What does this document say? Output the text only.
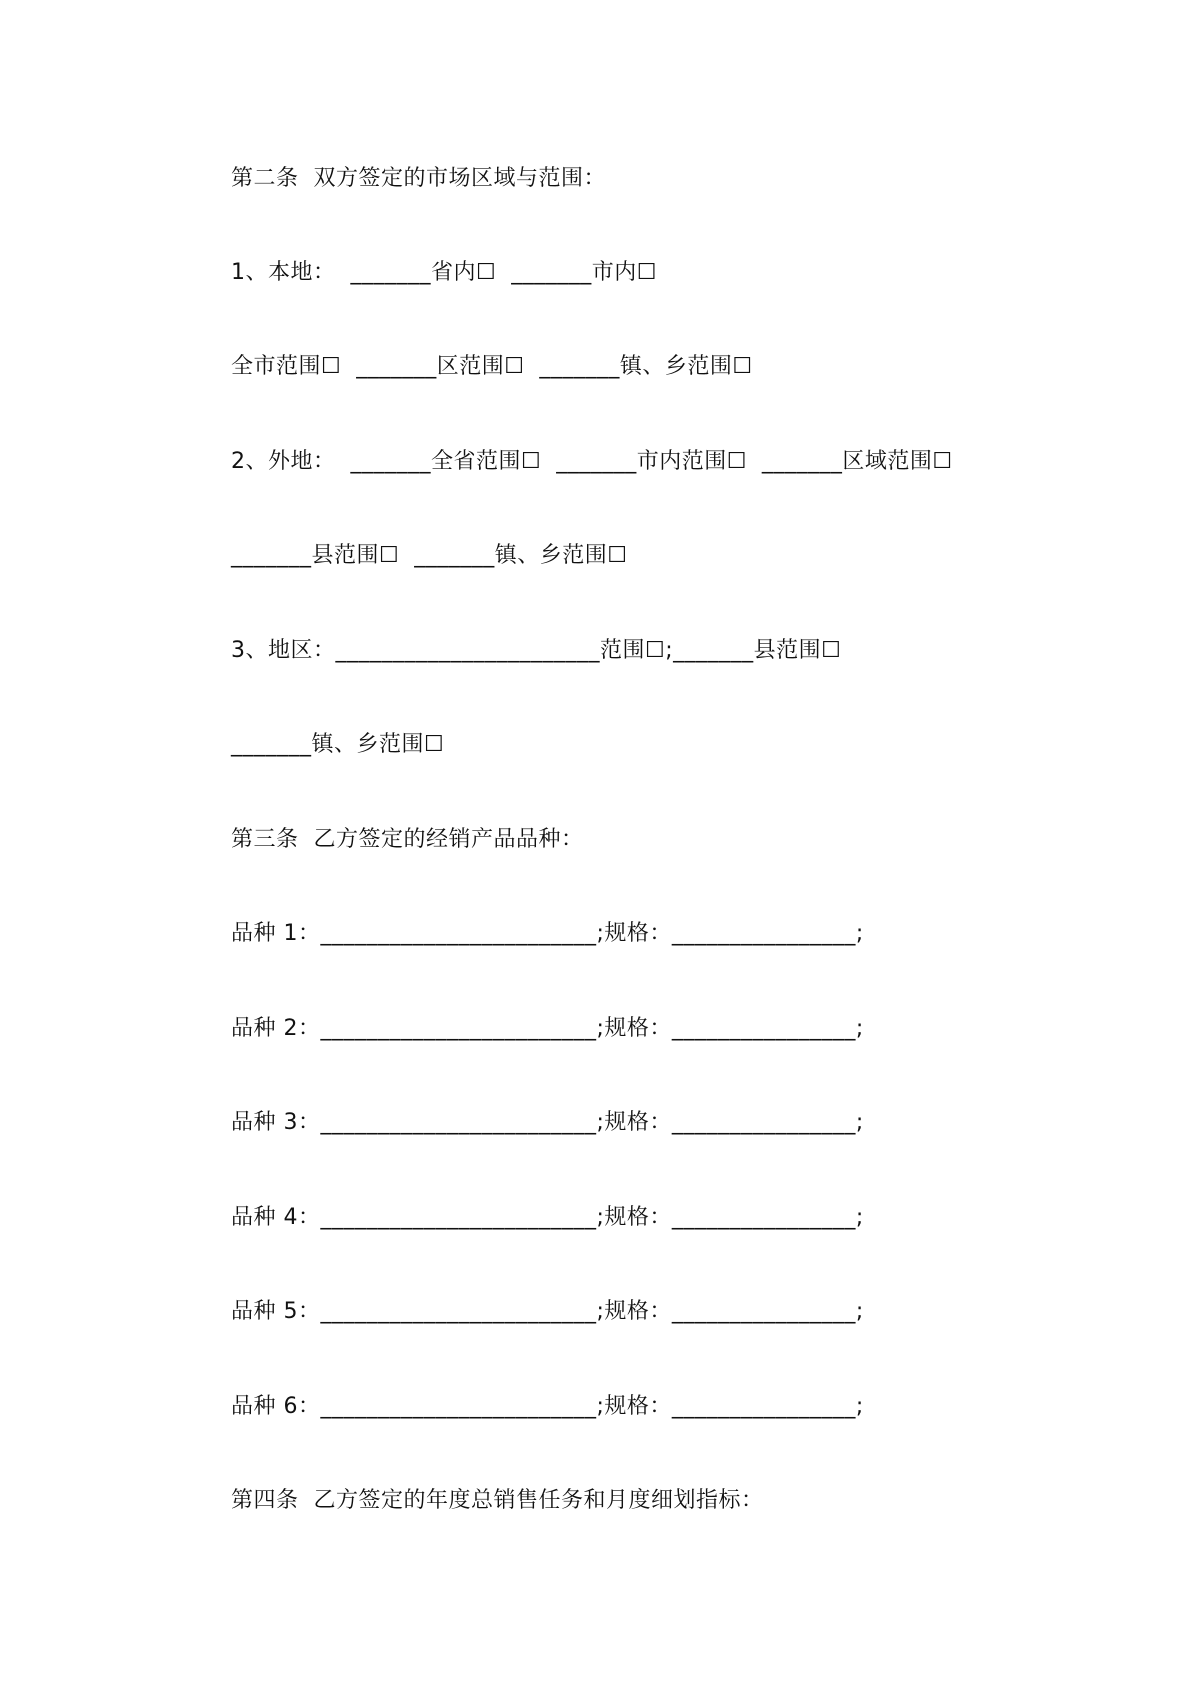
第二条  双方签定的市场区域与范围：
1、本地：  _______省内☐  _______市内☐
全市范围☐  _______区范围☐  _______镇、乡范围☐
2、外地：  _______全省范围☐  _______市内范围☐  _______区域范围☐
_______县范围☐  _______镇、乡范围☐
3、地区：_______________________范围☐;_______县范围☐
_______镇、乡范围☐
第三条  乙方签定的经销产品品种：
品种 1：________________________;规格：________________;
品种 2：________________________;规格：________________;
品种 3：________________________;规格：________________;
品种 4：________________________;规格：________________;
品种 5：________________________;规格：________________;
品种 6：________________________;规格：________________;
第四条  乙方签定的年度总销售任务和月度细划指标：
